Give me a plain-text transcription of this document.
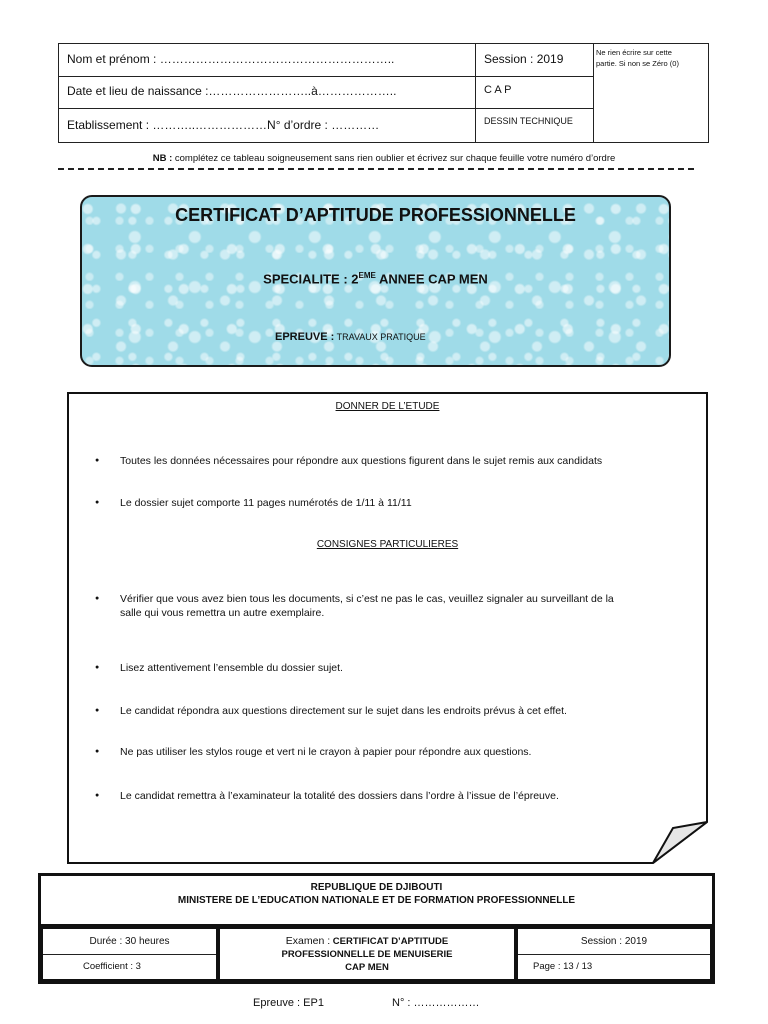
Nom et prénom : …………………………………………………..
Date et lieu de naissance :……………………..à………………..
Etablissement : ………..………………N° d’ordre : …………
Session : 2019
C A P
DESSIN TECHNIQUE
Ne rien écrire sur cette
partie. Si non se Zéro (0)
NB : complétez ce tableau soigneusement sans rien oublier et écrivez sur chaque feuille votre numéro d’ordre
CERTIFICAT D’APTITUDE PROFESSIONNELLE
SPECIALITE : 2EME ANNEE CAP MEN
EPREUVE : TRAVAUX PRATIQUE
DONNER DE L’ETUDE
● Toutes les données nécessaires pour répondre aux questions figurent dans le sujet remis aux candidats
● Le dossier sujet comporte 11 pages numérotés de 1/11 à 11/11
CONSIGNES PARTICULIERES
● Vérifier que vous avez bien tous les documents, si c’est ne pas le cas, veuillez signaler au surveillant de la salle qui vous remettra un autre exemplaire.
● Lisez attentivement l’ensemble du dossier sujet.
● Le candidat répondra aux questions directement sur le sujet dans les endroits prévus à cet effet.
● Ne pas utiliser les stylos rouge et vert ni le crayon à papier pour répondre aux questions.
● Le candidat remettra à l’examinateur la totalité des dossiers dans l’ordre à l’issue de l’épreuve.
REPUBLIQUE DE DJIBOUTI
MINISTERE DE L’EDUCATION NATIONALE ET DE FORMATION PROFESSIONNELLE
Durée : 30 heures
Coefficient : 3
Examen : CERTIFICAT D’APTITUDE
PROFESSIONNELLE DE MENUISERIE
CAP MEN
Session : 2019
Page : 13 / 13
Epreuve : EP1	N° : ………………
